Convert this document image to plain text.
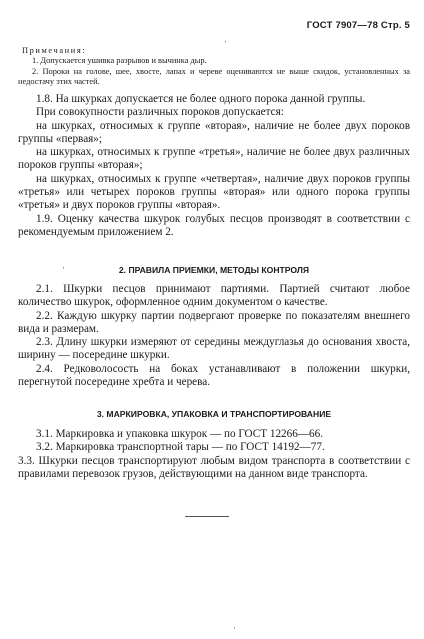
ГОСТ 7907—78 Стр. 5
Примечания:
1. Допускается ушивка разрывов и вычинка дыр.
2. Пороки на голове, шее, хвосте, лапах и череве оцениваются не выше скидок, установленных за недостачу этих частей.

1.8. На шкурках допускается не более одного порока данной группы.

При совокупности различных пороков допускается:

на шкурках, относимых к группе «вторая», наличие не более двух пороков группы «первая»;

на шкурках, относимых к группе «третья», наличие не более двух различных пороков группы «вторая»;

на шкурках, относимых к группе «четвертая», наличие двух пороков группы «третья» или четырех пороков группы «вторая» или одного порока группы «третья» и двух пороков группы «вторая».

1.9. Оценку качества шкурок голубых песцов производят в соответствии с рекомендуемым приложением 2.

2. ПРАВИЛА ПРИЕМКИ, МЕТОДЫ КОНТРОЛЯ

2.1. Шкурки песцов принимают партиями. Партией считают любое количество шкурок, оформленное одним документом о качестве.

2.2. Каждую шкурку партии подвергают проверке по показателям внешнего вида и размерам.

2.3. Длину шкурки измеряют от середины междуглазья до основания хвоста, ширину — посередине шкурки.

2.4. Редковолосость на боках устанавливают в положении шкурки, перегнутой посередине хребта и черева.

3. МАРКИРОВКА, УПАКОВКА И ТРАНСПОРТИРОВАНИЕ

3.1. Маркировка и упаковка шкурок — по ГОСТ 12266—66.

3.2. Маркировка транспортной тары — по ГОСТ 14192—77.

3.3. Шкурки песцов транспортируют любым видом транспорта в соответствии с правилами перевозок грузов, действующими на данном виде транспорта.

ˈ
ˈ
ˈ
